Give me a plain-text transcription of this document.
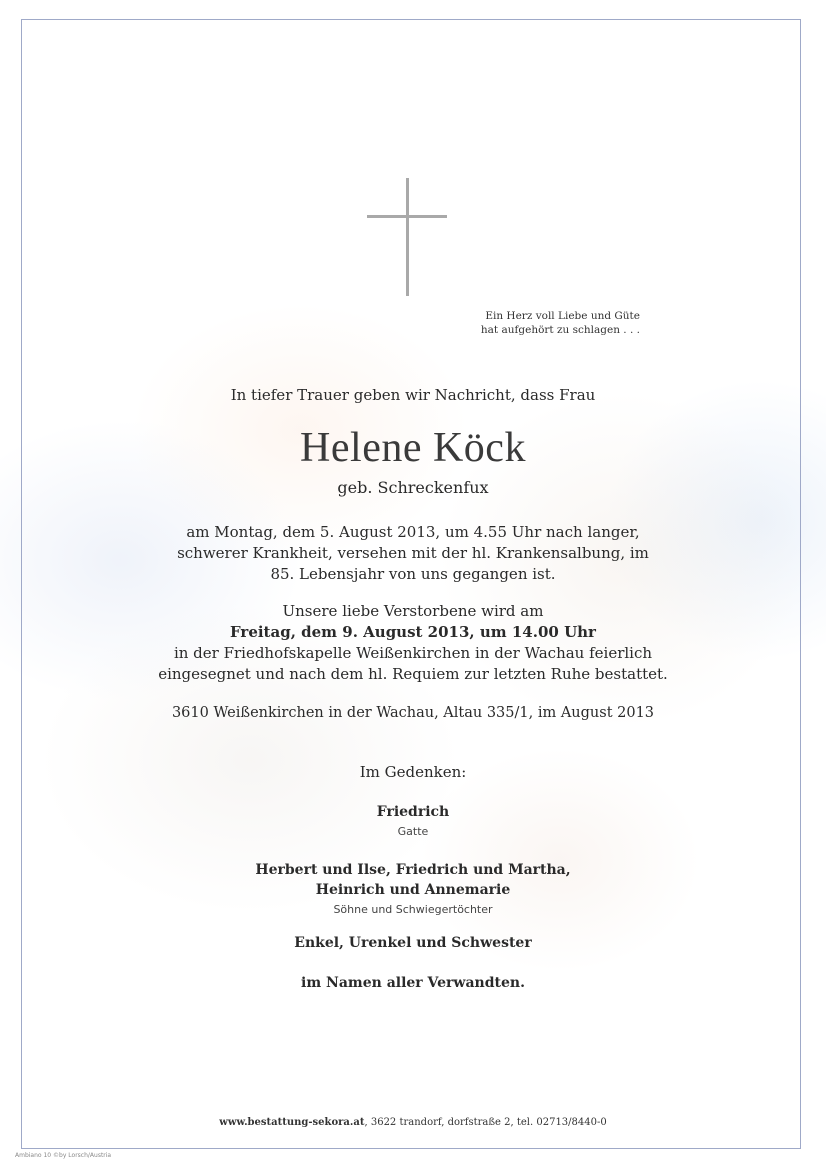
Ein Herz voll Liebe und Güte
hat aufgehört zu schlagen . . .
In tiefer Trauer geben wir Nachricht, dass Frau
Helene Köck
geb. Schreckenfux
am Montag, dem 5. August 2013, um 4.55 Uhr nach langer,
schwerer Krankheit, versehen mit der hl. Krankensalbung, im
85. Lebensjahr von uns gegangen ist.
Unsere liebe Verstorbene wird am
Freitag, dem 9. August 2013, um 14.00 Uhr
in der Friedhofskapelle Weißenkirchen in der Wachau feierlich
eingesegnet und nach dem hl. Requiem zur letzten Ruhe bestattet.
3610 Weißenkirchen in der Wachau, Altau 335/1, im August 2013
Im Gedenken:
Friedrich
Gatte
Herbert und Ilse, Friedrich und Martha,
Heinrich und Annemarie
Söhne und Schwiegertöchter
Enkel, Urenkel und Schwester
im Namen aller Verwandten.
www.bestattung-sekora.at, 3622 trandorf, dorfstraße 2, tel. 02713/8440-0
Ambiano 10 ©by Lorsch/Austria
